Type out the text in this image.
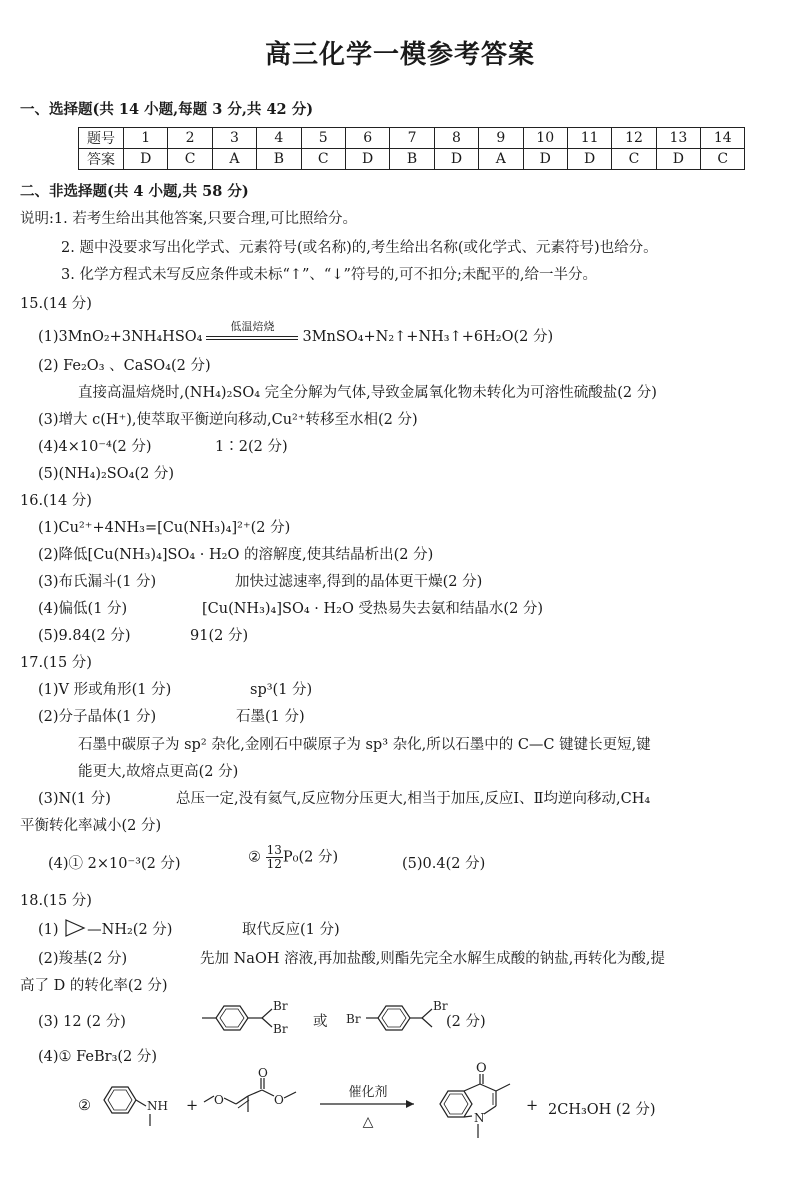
高三化学一模参考答案
一、选择题(共 14 小题,每题 3 分,共 42 分)
题号	1	2	3	4	5	6	7	8	9	10	11	12	13	14
答案	D	C	A	B	C	D	B	D	A	D	D	C	D	C
二、非选择题(共 4 小题,共 58 分)
说明:1. 若考生给出其他答案,只要合理,可比照给分。
2. 题中没要求写出化学式、元素符号(或名称)的,考生给出名称(或化学式、元素符号)也给分。
3. 化学方程式未写反应条件或未标“↑”、“↓”符号的,可不扣分;未配平的,给一半分。
15.(14 分)
(1)3MnO₂+3NH₄HSO₄
低温焙烧
3MnSO₄+N₂↑+NH₃↑+6H₂O(2 分)
(2) Fe₂O₃ 、CaSO₄(2 分)
直接高温焙烧时,(NH₄)₂SO₄ 完全分解为气体,导致金属氧化物未转化为可溶性硫酸盐(2 分)
(3)增大 c(H⁺),使萃取平衡逆向移动,Cu²⁺转移至水相(2 分)
(4)4×10⁻⁴(2 分)	1∶2(2 分)
(5)(NH₄)₂SO₄(2 分)
16.(14 分)
(1)Cu²⁺+4NH₃=[Cu(NH₃)₄]²⁺(2 分)
(2)降低[Cu(NH₃)₄]SO₄ · H₂O 的溶解度,使其结晶析出(2 分)
(3)布氏漏斗(1 分)	加快过滤速率,得到的晶体更干燥(2 分)
(4)偏低(1 分)	[Cu(NH₃)₄]SO₄ · H₂O 受热易失去氨和结晶水(2 分)
(5)9.84(2 分)	91(2 分)
17.(15 分)
(1)V 形或角形(1 分)	sp³(1 分)
(2)分子晶体(1 分)	石墨(1 分)
石墨中碳原子为 sp² 杂化,金刚石中碳原子为 sp³ 杂化,所以石墨中的 C—C 键键长更短,键
能更大,故熔点更高(2 分)
(3)N(1 分)	总压一定,没有氦气,反应物分压更大,相当于加压,反应Ⅰ、Ⅱ均逆向移动,CH₄
平衡转化率减小(2 分)
(4)① 2×10⁻³(2 分)	② $\frac{13}{12} P_0(2$ 分)	(5)0.4(2 分)
18.(15 分)
(1) —NH₂(2 分)	取代反应(1 分)
(2)羧基(2 分)	先加 NaOH 溶液,再加盐酸,则酯先完全水解生成酸的钠盐,再转化为酸,提
高了 D 的转化率(2 分)
(3) 12 (2 分)
Br
Br 或 Br
Br
(2 分)
(4)① FeBr₃(2 分)
②	NH + O
O
O	催化剂
△
O
N
+ 2CH₃OH (2 分)
